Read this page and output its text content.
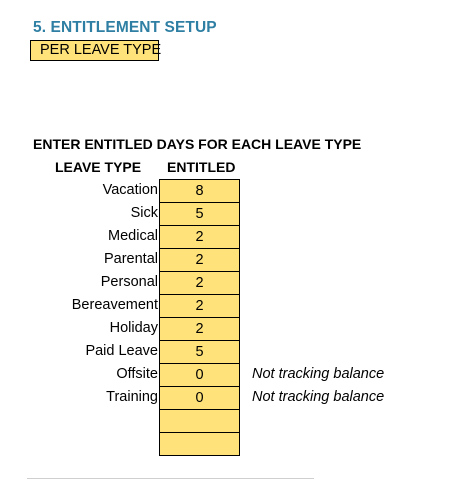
5. ENTITLEMENT SETUP
PER LEAVE TYPE
ENTER ENTITLED DAYS FOR EACH LEAVE TYPE
LEAVE TYPE ENTITLED
Vacation
Sick
Medical
Parental
Personal
Bereavement
Holiday
Paid Leave
Offsite
Training
8
5
2
2
2
2
2
5
0
0
Not tracking balance
Not tracking balance
